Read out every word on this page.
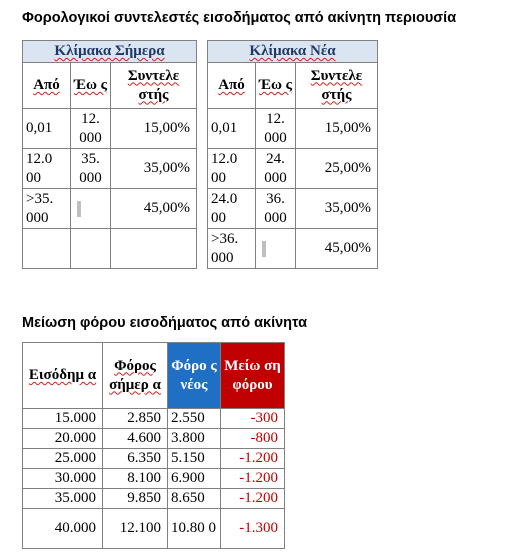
Φορολογικοί συντελεστές εισοδήματος από ακίνητη περιουσία
Κλίμακα Σήμερα		
Από	Έω ς	Συντελε στής
0,01	12. 000	15,00%
12.0 00	35. 000	35,00%
>35. 000		45,00%

Κλίμακα Νέα		
Από	Έω ς	Συντελε στής
0,01	12. 000	15,00%
12.0 00	24. 000	25,00%
24.0 00	36. 000	35,00%
>36. 000		45,00%
Μείωση φόρου εισοδήματος από ακίνητα
Εισόδημ α	Φόρος σήμερ α	Φόρο ς νέος	Μείω ση φόρου
15.000	2.850	2.550	-300
20.000	4.600	3.800	-800
25.000	6.350	5.150	-1.200
30.000	8.100	6.900	-1.200
35.000	9.850	8.650	-1.200
40.000	12.100	10.80 0	-1.300
